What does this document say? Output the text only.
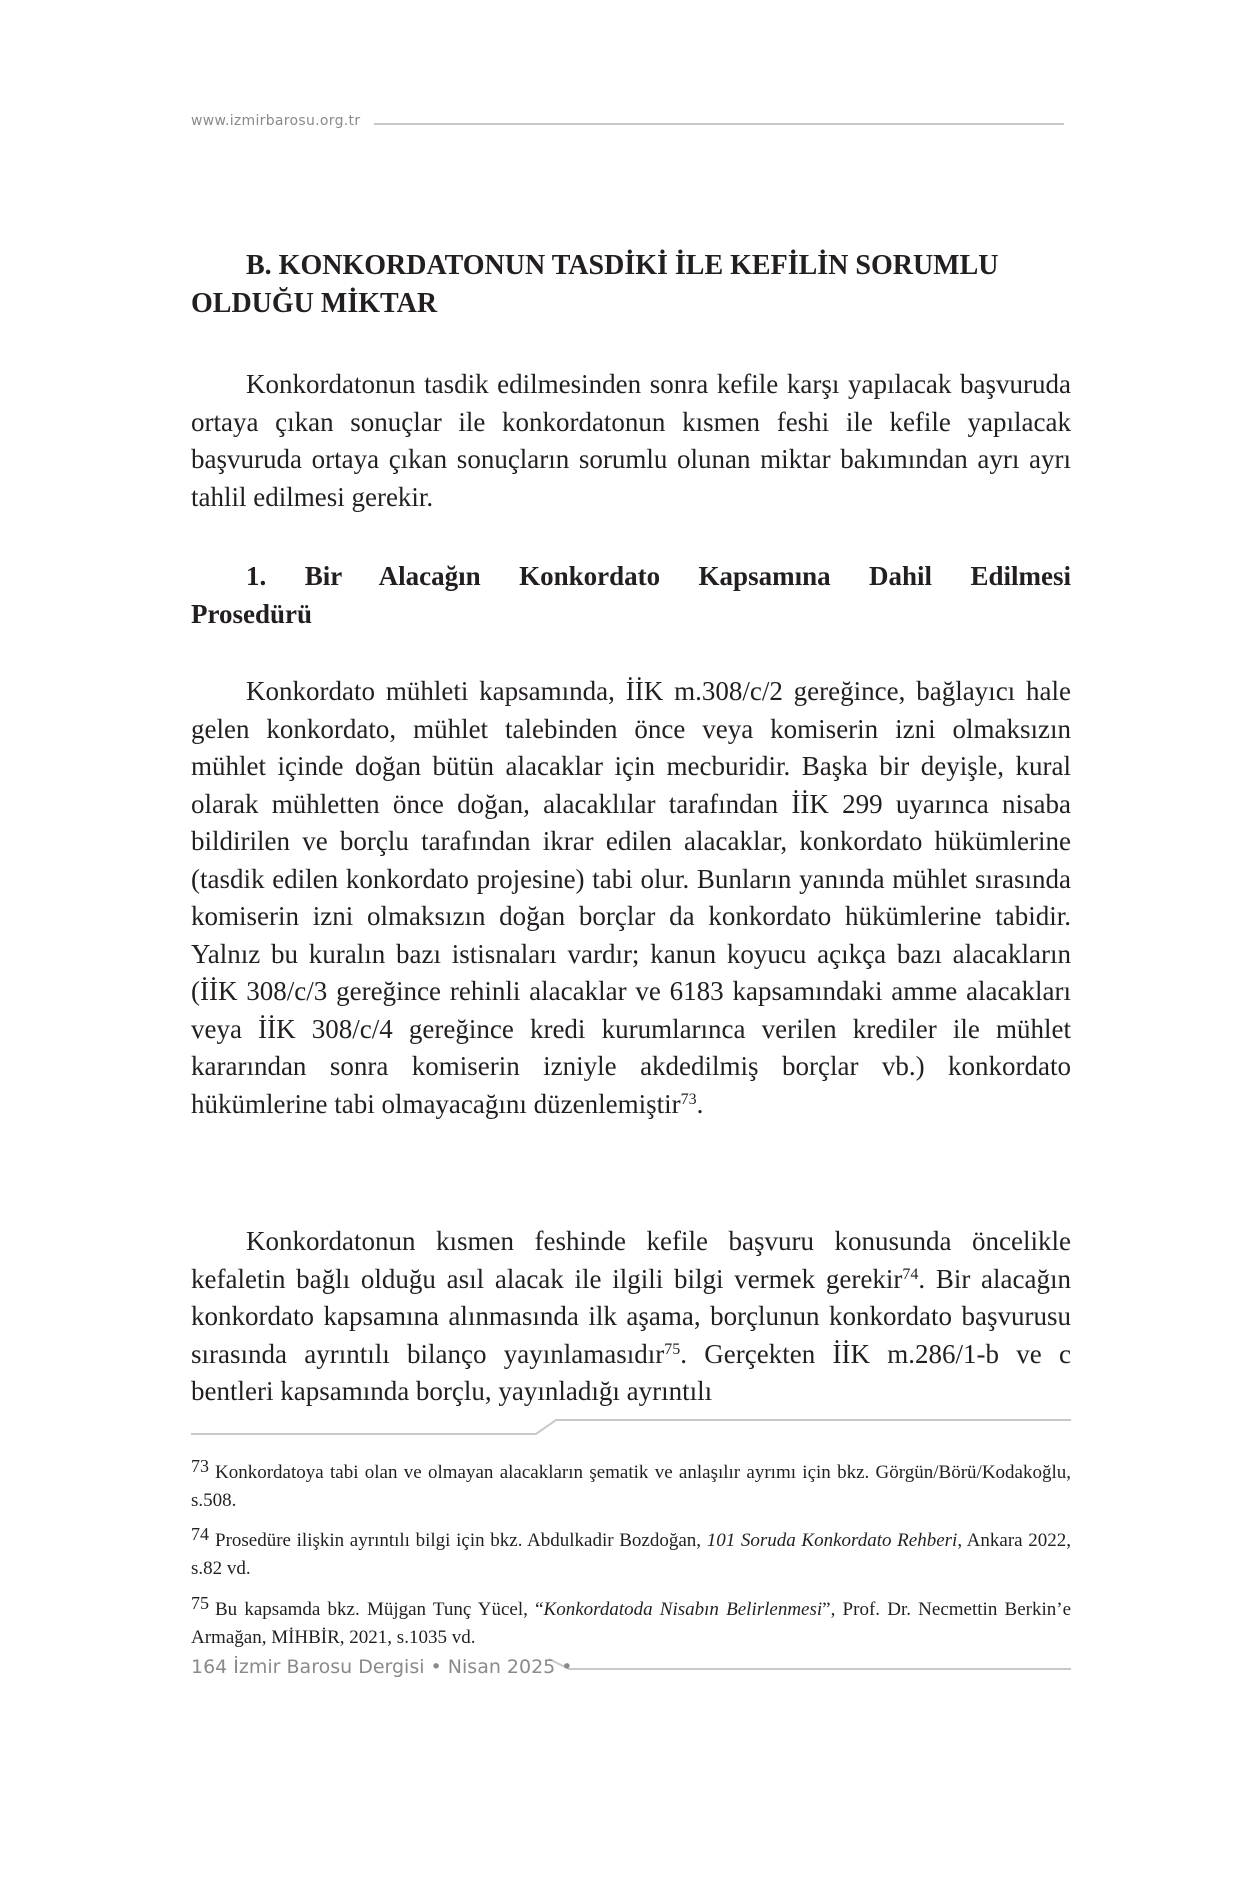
www.izmirbarosu.org.tr
B. KONKORDATONUN TASDİKİ İLE KEFİLİN SORUMLU OLDUĞU MİKTAR

Konkordatonun tasdik edilmesinden sonra kefile karşı yapılacak başvuruda ortaya çıkan sonuçlar ile konkordatonun kısmen feshi ile kefile yapılacak başvuruda ortaya çıkan sonuçların sorumlu olunan miktar bakımından ayrı ayrı tahlil edilmesi gerekir.

1. Bir Alacağın Konkordato Kapsamına Dahil Edilmesi Prosedürü

Konkordato mühleti kapsamında, İİK m.308/c/2 gereğince, bağlayıcı hale gelen konkordato, mühlet talebinden önce veya komiserin izni olmaksızın mühlet içinde doğan bütün alacaklar için mecburidir. Başka bir deyişle, kural olarak mühletten önce doğan, alacaklılar tarafından İİK 299 uyarınca nisaba bildirilen ve borçlu tarafından ikrar edilen alacaklar, konkordato hükümlerine (tasdik edilen konkordato projesine) tabi olur. Bunların yanında mühlet sırasında komiserin izni olmaksızın doğan borçlar da konkordato hükümlerine tabidir. Yalnız bu kuralın bazı istisnaları vardır; kanun koyucu açıkça bazı alacakların (İİK 308/c/3 gereğince rehinli alacaklar ve 6183 kapsamındaki amme alacakları veya İİK 308/c/4 gereğince kredi kurumlarınca verilen krediler ile mühlet kararından sonra komiserin izniyle akdedilmiş borçlar vb.) konkordato hükümlerine tabi olmayacağını düzenlemiştir$^{73}$.

Konkordatonun kısmen feshinde kefile başvuru konusunda öncelikle kefaletin bağlı olduğu asıl alacak ile ilgili bilgi vermek gerekir$^{74}$. Bir alacağın konkordato kapsamına alınmasında ilk aşama, borçlunun konkordato başvurusu sırasında ayrıntılı bilanço yayınlamasıdır$^{75}$. Gerçekten İİK m.286/1-b ve c bentleri kapsamında borçlu, yayınladığı ayrıntılı

73 Konkordatoya tabi olan ve olmayan alacakların şematik ve anlaşılır ayrımı için bkz. Görgün/Börü/Kodakoğlu, s.508.
74 Prosedüre ilişkin ayrıntılı bilgi için bkz. Abdulkadir Bozdoğan, 101 Soruda Konkordato Rehberi, Ankara 2022, s.82 vd.
75 Bu kapsamda bkz. Müjgan Tunç Yücel, “Konkordatoda Nisabın Belirlenmesi”, Prof. Dr. Necmettin Berkin’e Armağan, MİHBİR, 2021, s.1035 vd.
164 İzmir Barosu Dergisi • Nisan 2025 •
